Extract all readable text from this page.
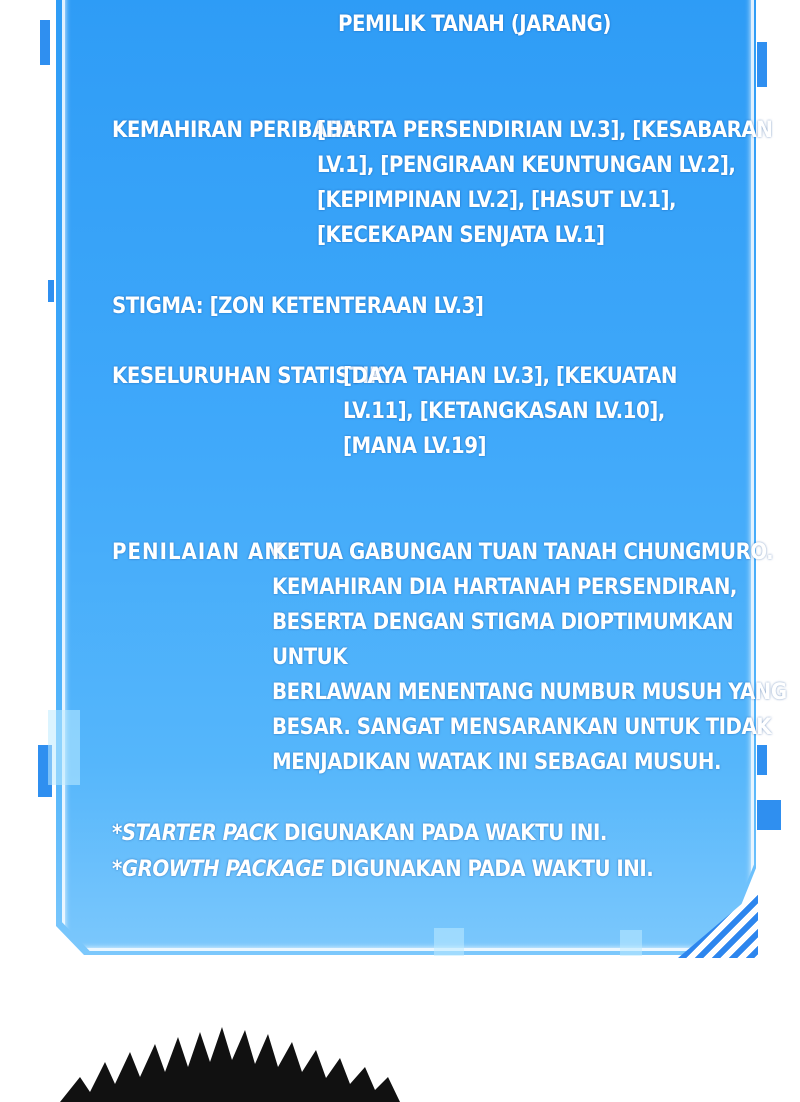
PEMILIK TANAH (JARANG)
KEMAHIRAN PERIBADI:
[HARTA PERSENDIRIAN LV.3], [KESABARAN
LV.1], [PENGIRAAN KEUNTUNGAN LV.2],
[KEPIMPINAN LV.2], [HASUT LV.1],
[KECEKAPAN SENJATA LV.1]
STIGMA: [ZON KETENTERAAN LV.3]
KESELURUHAN STATISTIK:
[DAYA TAHAN LV.3], [KEKUATAN
LV.11], [KETANGKASAN LV.10],
[MANA LV.19]
PENILAIAN AM :
KETUA GABUNGAN TUAN TANAH CHUNGMURO.
KEMAHIRAN DIA HARTANAH PERSENDIRAN,
BESERTA DENGAN STIGMA DIOPTIMUMKAN UNTUK
BERLAWAN MENENTANG NUMBUR MUSUH YANG
BESAR. SANGAT MENSARANKAN UNTUK TIDAK
MENJADIKAN WATAK INI SEBAGAI MUSUH.
*STARTER PACK DIGUNAKAN PADA WAKTU INI.
*GROWTH PACKAGE DIGUNAKAN PADA WAKTU INI.
